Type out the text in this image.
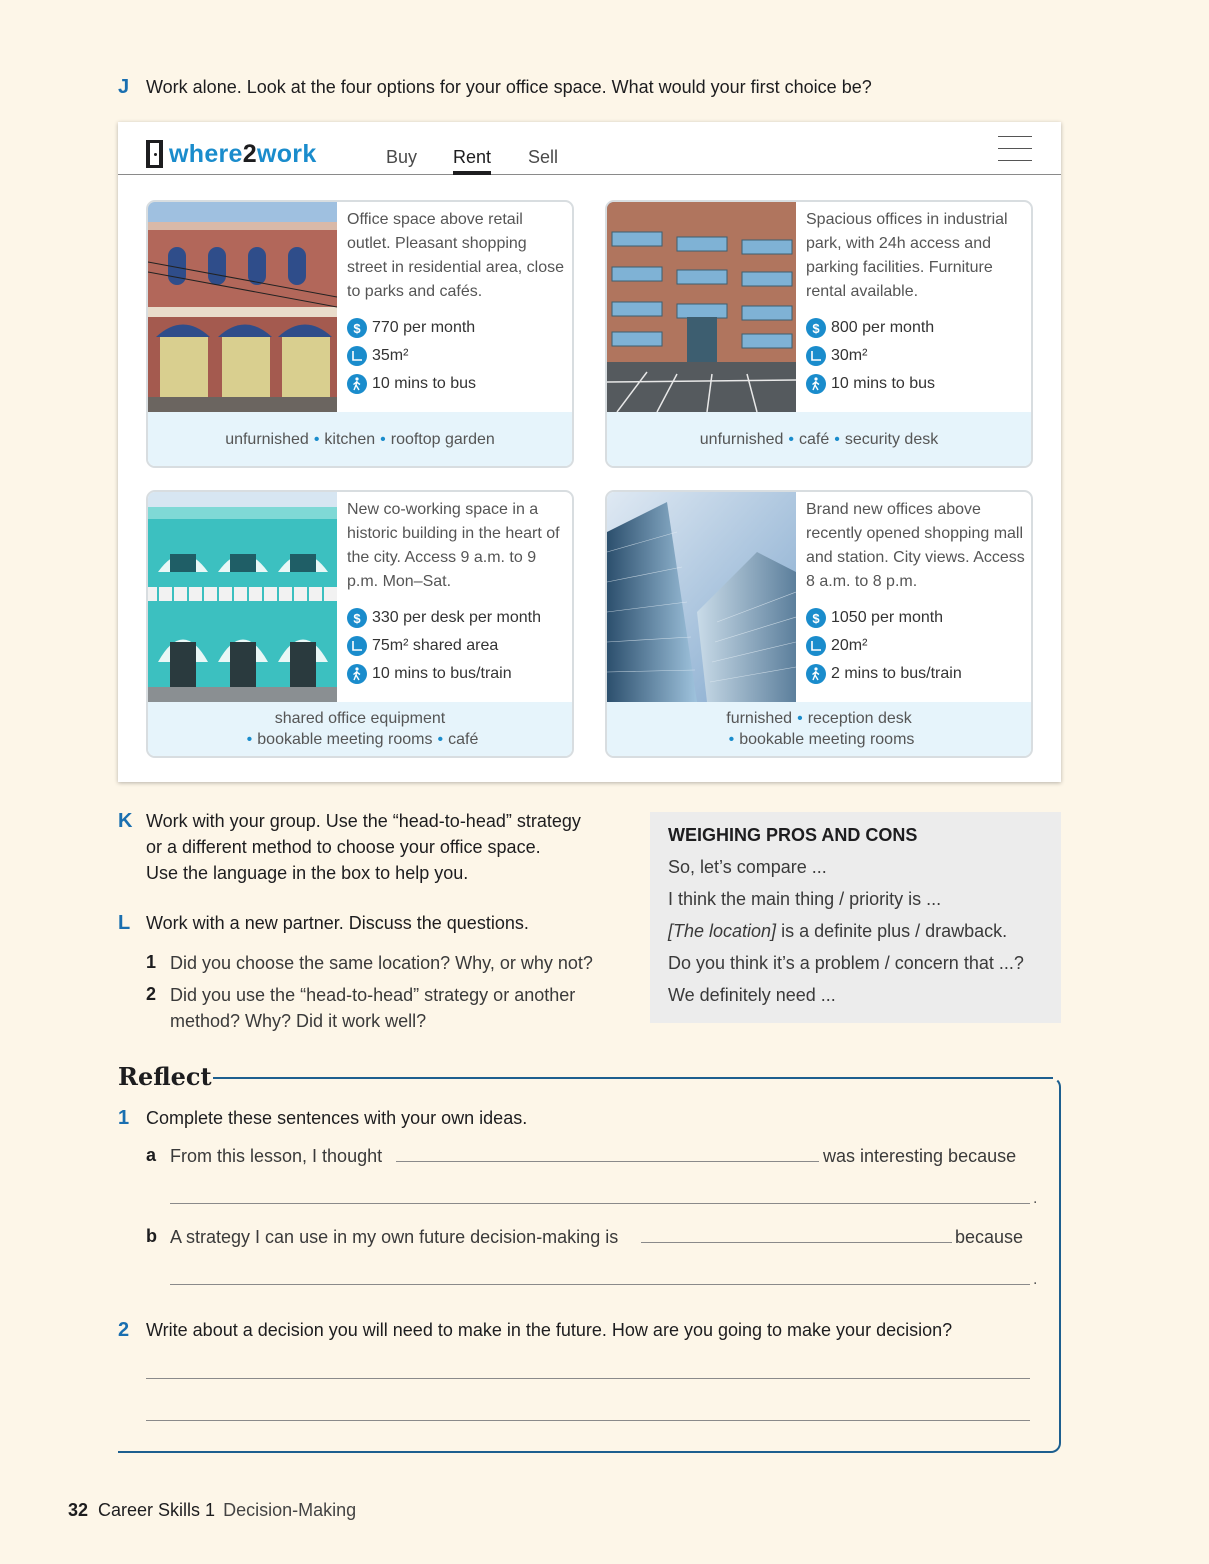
J Work alone. Look at the four options for your office space. What would your first choice be?
where2work	Buy Rent Sell
Office space above retail outlet. Pleasant shopping street in residential area, close to parks and cafés.
$ 770 per month
35m²
10 mins to bus
unfurnished • kitchen • rooftop garden
Spacious offices in industrial park, with 24h access and parking facilities. Furniture rental available.
$ 800 per month
30m²
10 mins to bus
unfurnished • café • security desk
New co-working space in a historic building in the heart of the city. Access 9 a.m. to 9 p.m. Mon–Sat.
$ 330 per desk per month
75m² shared area
10 mins to bus/train
shared office equipment
• bookable meeting rooms • café
Brand new offices above recently opened shopping mall and station. City views. Access 8 a.m. to 8 p.m.
$ 1050 per month
20m²
2 mins to bus/train
furnished • reception desk
• bookable meeting rooms
K Work with your group. Use the “head-to-head” strategy
or a different method to choose your office space.
Use the language in the box to help you.
L Work with a new partner. Discuss the questions.
1 Did you choose the same location? Why, or why not?
2 Did you use the “head-to-head” strategy or another
method? Why? Did it work well?
WEIGHING PROS AND CONS

So, let’s compare ...

I think the main thing / priority is ...

[The location] is a definite plus / drawback.

Do you think it’s a problem / concern that ...?

We definitely need ...

Reflect
1 Complete these sentences with your own ideas.
a From this lesson, I thought	was interesting because
.
b A strategy I can use in my own future decision-making is	because
.
2 Write about a decision you will need to make in the future. How are you going to make your decision?
32 Career Skills 1 Decision-Making
